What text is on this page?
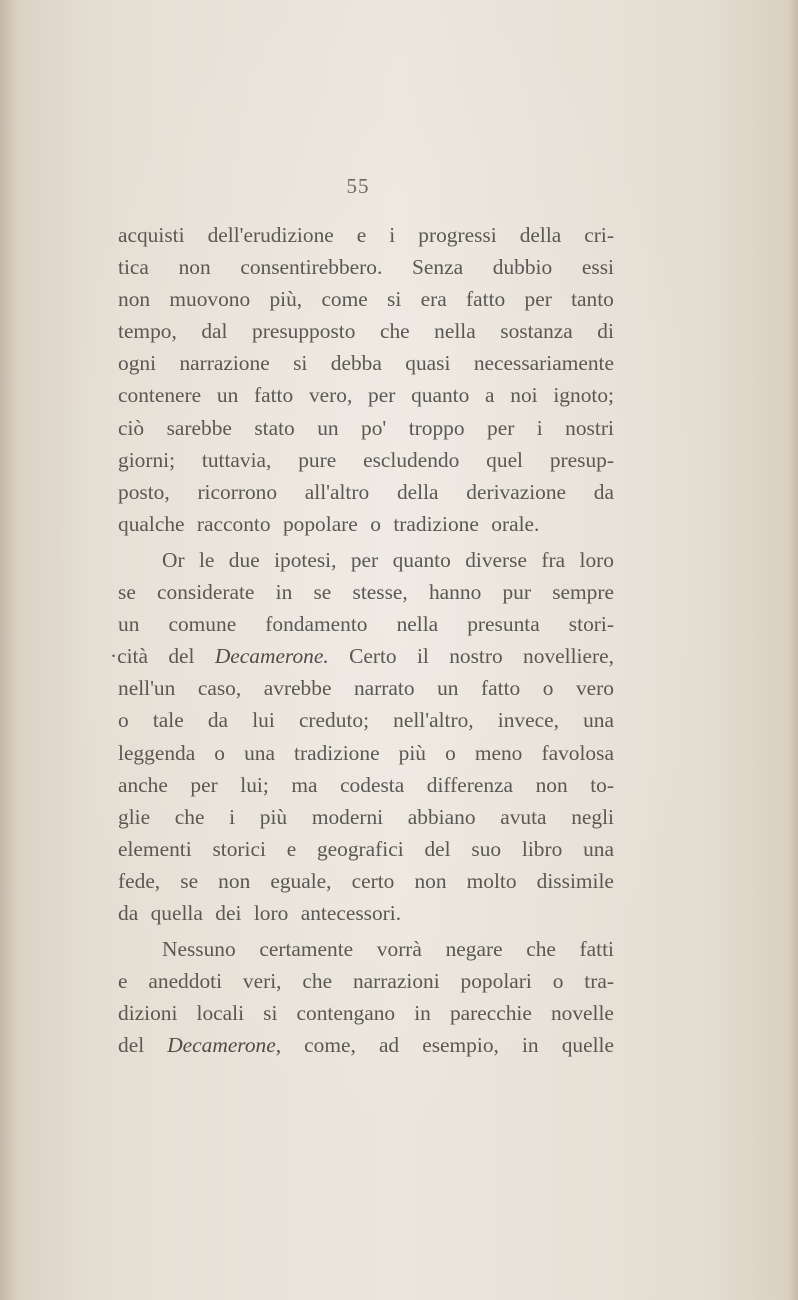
55
acquisti dell'erudizione e i progressi della cri-
tica non consentirebbero. Senza dubbio essi
non muovono più, come si era fatto per tanto
tempo, dal presupposto che nella sostanza di
ogni narrazione si debba quasi necessariamente
contenere un fatto vero, per quanto a noi ignoto;
ciò sarebbe stato un po' troppo per i nostri
giorni; tuttavia, pure escludendo quel presup-
posto, ricorrono all'altro della derivazione da
qualche racconto popolare o tradizione orale.
Or le due ipotesi, per quanto diverse fra loro
se considerate in se stesse, hanno pur sempre
un comune fondamento nella presunta stori-
·cità del Decamerone. Certo il nostro novelliere,
nell'un caso, avrebbe narrato un fatto o vero
o tale da lui creduto; nell'altro, invece, una
leggenda o una tradizione più o meno favolosa
anche per lui; ma codesta differenza non to-
glie che i più moderni abbiano avuta negli
elementi storici e geografici del suo libro una
fede, se non eguale, certo non molto dissimile
da quella dei loro antecessori.
Nessuno certamente vorrà negare che fatti
e aneddoti veri, che narrazioni popolari o tra-
dizioni locali si contengano in parecchie novelle
del Decamerone, come, ad esempio, in quelle
